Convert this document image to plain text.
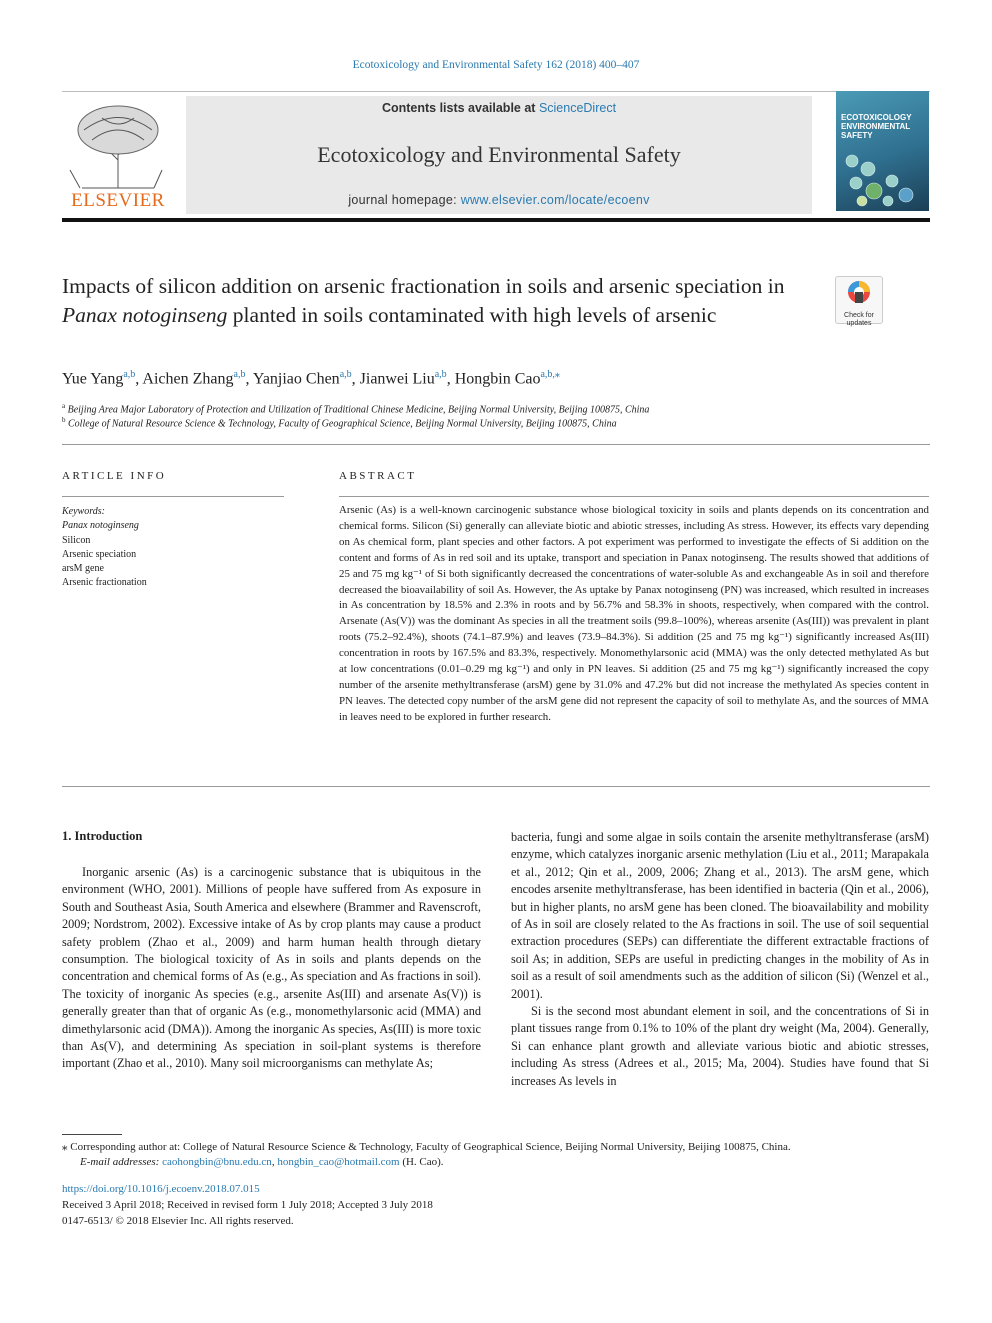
Ecotoxicology and Environmental Safety 162 (2018) 400–407
ELSEVIER
Contents lists available at ScienceDirect
Ecotoxicology and Environmental Safety
journal homepage: www.elsevier.com/locate/ecoenv
ECOTOXICOLOGY ENVIRONMENTAL SAFETY
Impacts of silicon addition on arsenic fractionation in soils and arsenic speciation in Panax notoginseng planted in soils contaminated with high levels of arsenic	Check for updates
Yue Yang$^{a,b}$, Aichen Zhang$^{a,b}$, Yanjiao Chen$^{a,b}$, Jianwei Liu$^{a,b}$, Hongbin Cao$^{a,b,⁎}$
$^a$ Beijing Area Major Laboratory of Protection and Utilization of Traditional Chinese Medicine, Beijing Normal University, Beijing 100875, China
$^b$ College of Natural Resource Science & Technology, Faculty of Geographical Science, Beijing Normal University, Beijing 100875, China
ARTICLE INFO
Keywords:
Panax notoginseng
Silicon
Arsenic speciation
arsM gene
Arsenic fractionation
ABSTRACT
Arsenic (As) is a well-known carcinogenic substance whose biological toxicity in soils and plants depends on its concentration and chemical forms. Silicon (Si) generally can alleviate biotic and abiotic stresses, including As stress. However, its effects vary depending on As chemical form, plant species and other factors. A pot experiment was performed to investigate the effects of Si addition on the content and forms of As in red soil and its uptake, transport and speciation in Panax notoginseng. The results showed that additions of 25 and 75 mg kg⁻¹ of Si both significantly decreased the concentrations of water-soluble As and exchangeable As in soil and therefore decreased the bioavailability of soil As. However, the As uptake by Panax notoginseng (PN) was increased, which resulted in increases in As concentration by 18.5% and 2.3% in roots and by 56.7% and 58.3% in shoots, respectively, when compared with the control. Arsenate (As(V)) was the dominant As species in all the treatment soils (99.8–100%), whereas arsenite (As(III)) was prevalent in plant roots (75.2–92.4%), shoots (74.1–87.9%) and leaves (73.9–84.3%). Si addition (25 and 75 mg kg⁻¹) significantly increased As(III) concentration in roots by 167.5% and 83.3%, respectively. Monomethylarsonic acid (MMA) was the only detected methylated As but at low concentrations (0.01–0.29 mg kg⁻¹) and only in PN leaves. Si addition (25 and 75 mg kg⁻¹) significantly increased the copy number of the arsenite methyltransferase (arsM) gene by 31.0% and 47.2% but did not increase the methylated As species content in PN leaves. The detected copy number of the arsM gene did not represent the capacity of soil to methylate As, and the sources of MMA in leaves need to be explored in further research.
1. Introduction

Inorganic arsenic (As) is a carcinogenic substance that is ubiquitous in the environment (WHO, 2001). Millions of people have suffered from As exposure in South and Southeast Asia, South America and elsewhere (Brammer and Ravenscroft, 2009; Nordstrom, 2002). Excessive intake of As by crop plants may cause a product safety problem (Zhao et al., 2009) and harm human health through dietary consumption. The biological toxicity of As in soils and plants depends on the concentration and chemical forms of As (e.g., As speciation and As fractions in soil). The toxicity of inorganic As species (e.g., arsenite As(III) and arsenate As(V)) is generally greater than that of organic As (e.g., monomethylarsonic acid (MMA) and dimethylarsonic acid (DMA)). Among the inorganic As species, As(III) is more toxic than As(V), and determining As speciation in soil-plant systems is therefore important (Zhao et al., 2010). Many soil microorganisms can methylate As;

bacteria, fungi and some algae in soils contain the arsenite methyltransferase (arsM) enzyme, which catalyzes inorganic arsenic methylation (Liu et al., 2011; Marapakala et al., 2012; Qin et al., 2009, 2006; Zhang et al., 2013). The arsM gene, which encodes arsenite methyltransferase, has been identified in bacteria (Qin et al., 2006), but in higher plants, no arsM gene has been cloned. The bioavailability and mobility of As in soil are closely related to the As fractions in soil. The use of soil sequential extraction procedures (SEPs) can differentiate the different extractable fractions of soil As; in addition, SEPs are useful in predicting changes in the mobility of As in soil as a result of soil amendments such as the addition of silicon (Si) (Wenzel et al., 2001).

Si is the second most abundant element in soil, and the concentrations of Si in plant tissues range from 0.1% to 10% of the plant dry weight (Ma, 2004). Generally, Si can enhance plant growth and alleviate various biotic and abiotic stresses, including As stress (Adrees et al., 2015; Ma, 2004). Studies have found that Si increases As levels in

⁎ Corresponding author at: College of Natural Resource Science & Technology, Faculty of Geographical Science, Beijing Normal University, Beijing 100875, China.
E-mail addresses: caohongbin@bnu.edu.cn, hongbin_cao@hotmail.com (H. Cao).
https://doi.org/10.1016/j.ecoenv.2018.07.015
Received 3 April 2018; Received in revised form 1 July 2018; Accepted 3 July 2018
0147-6513/ © 2018 Elsevier Inc. All rights reserved.
